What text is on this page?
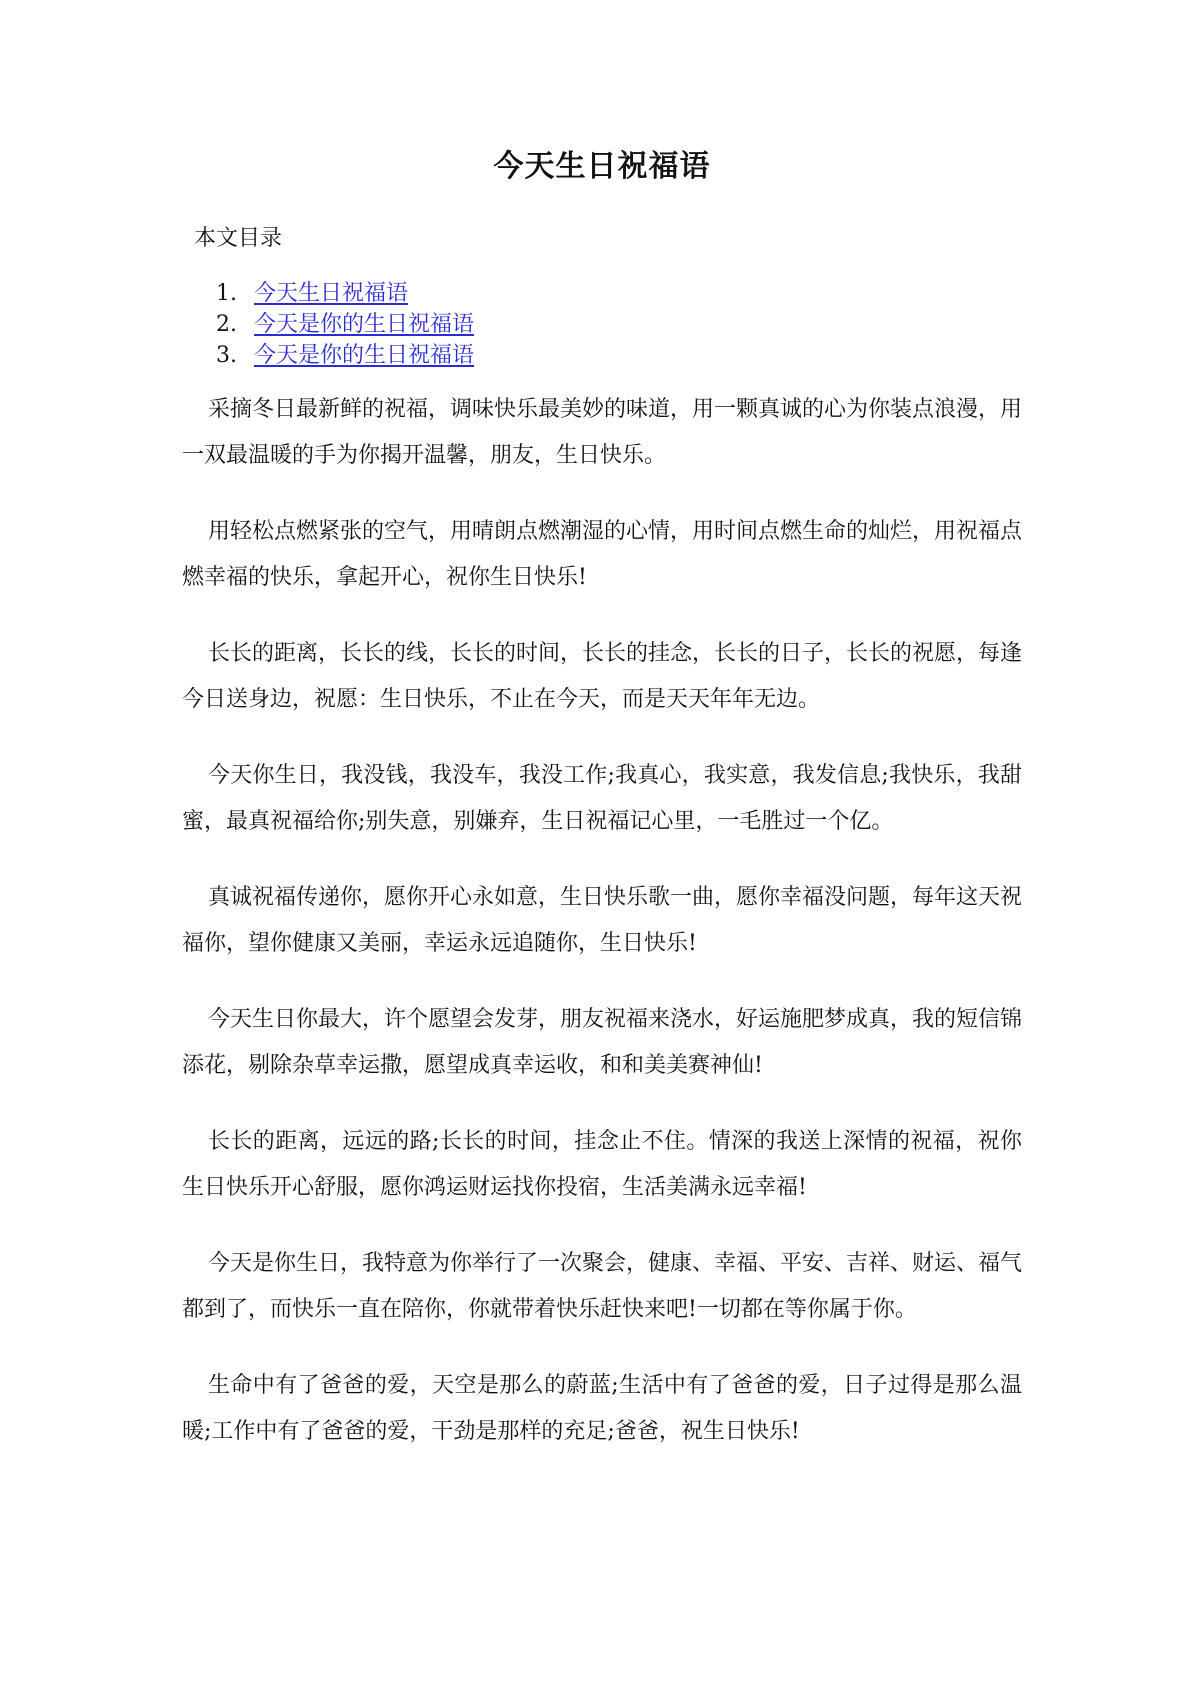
今天生日祝福语
本文目录
1. 今天生日祝福语
2. 今天是你的生日祝福语
3. 今天是你的生日祝福语

采摘冬日最新鲜的祝福，调味快乐最美妙的味道，用一颗真诚的心为你装点浪漫，用一双最温暖的手为你揭开温馨，朋友，生日快乐。

用轻松点燃紧张的空气，用晴朗点燃潮湿的心情，用时间点燃生命的灿烂，用祝福点燃幸福的快乐，拿起开心，祝你生日快乐!

长长的距离，长长的线，长长的时间，长长的挂念，长长的日子，长长的祝愿，每逢今日送身边，祝愿：生日快乐，不止在今天，而是天天年年无边。

今天你生日，我没钱，我没车，我没工作;我真心，我实意，我发信息;我快乐，我甜蜜，最真祝福给你;别失意，别嫌弃，生日祝福记心里，一毛胜过一个亿。

真诚祝福传递你，愿你开心永如意，生日快乐歌一曲，愿你幸福没问题，每年这天祝福你，望你健康又美丽，幸运永远追随你，生日快乐!

今天生日你最大，许个愿望会发芽，朋友祝福来浇水，好运施肥梦成真，我的短信锦添花，剔除杂草幸运撒，愿望成真幸运收，和和美美赛神仙!

长长的距离，远远的路;长长的时间，挂念止不住。情深的我送上深情的祝福，祝你生日快乐开心舒服，愿你鸿运财运找你投宿，生活美满永远幸福!

今天是你生日，我特意为你举行了一次聚会，健康、幸福、平安、吉祥、财运、福气都到了，而快乐一直在陪你，你就带着快乐赶快来吧!一切都在等你属于你。

生命中有了爸爸的爱，天空是那么的蔚蓝;生活中有了爸爸的爱，日子过得是那么温暖;工作中有了爸爸的爱，干劲是那样的充足;爸爸，祝生日快乐!
